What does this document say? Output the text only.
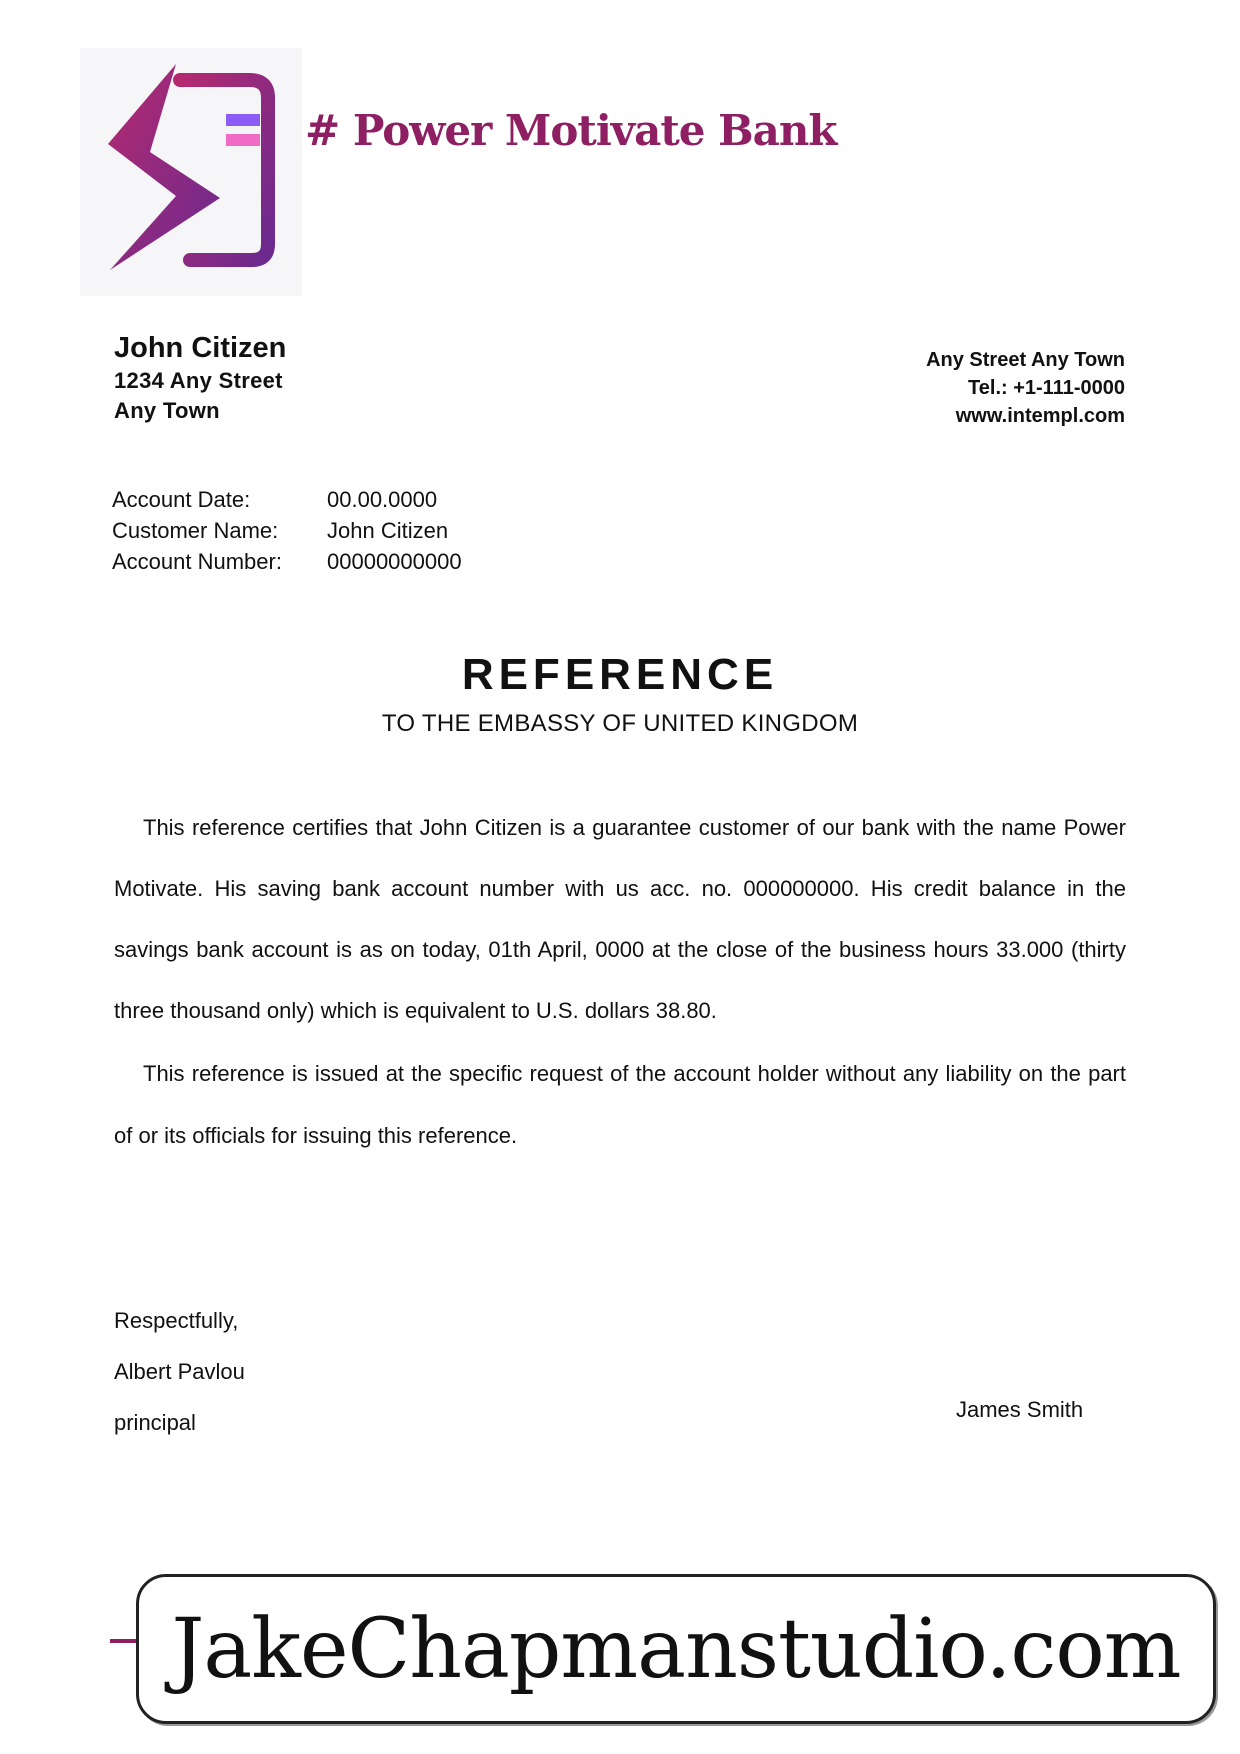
# Power Motivate Bank
John Citizen
1234 Any Street
Any Town
Any Street Any Town
Tel.: +1-111-0000
www.intempl.com
Account Date:	00.00.0000
Customer Name:	John Citizen
Account Number:	00000000000
REFERENCE
TO THE EMBASSY OF UNITED KINGDOM

This reference certifies that John Citizen is a guarantee customer of our bank with the name Power Motivate. His saving bank account number with us acc. no. 000000000. His credit balance in the savings bank account is as on today, 01th April, 0000 at the close of the business hours 33.000 (thirty three thousand only) which is equivalent to U.S. dollars 38.80.

This reference is issued at the specific request of the account holder without any liability on the part of or its officials for issuing this reference.

Respectfully,
Albert Pavlou
principal
James Smith
JakeChapmanstudio.com
